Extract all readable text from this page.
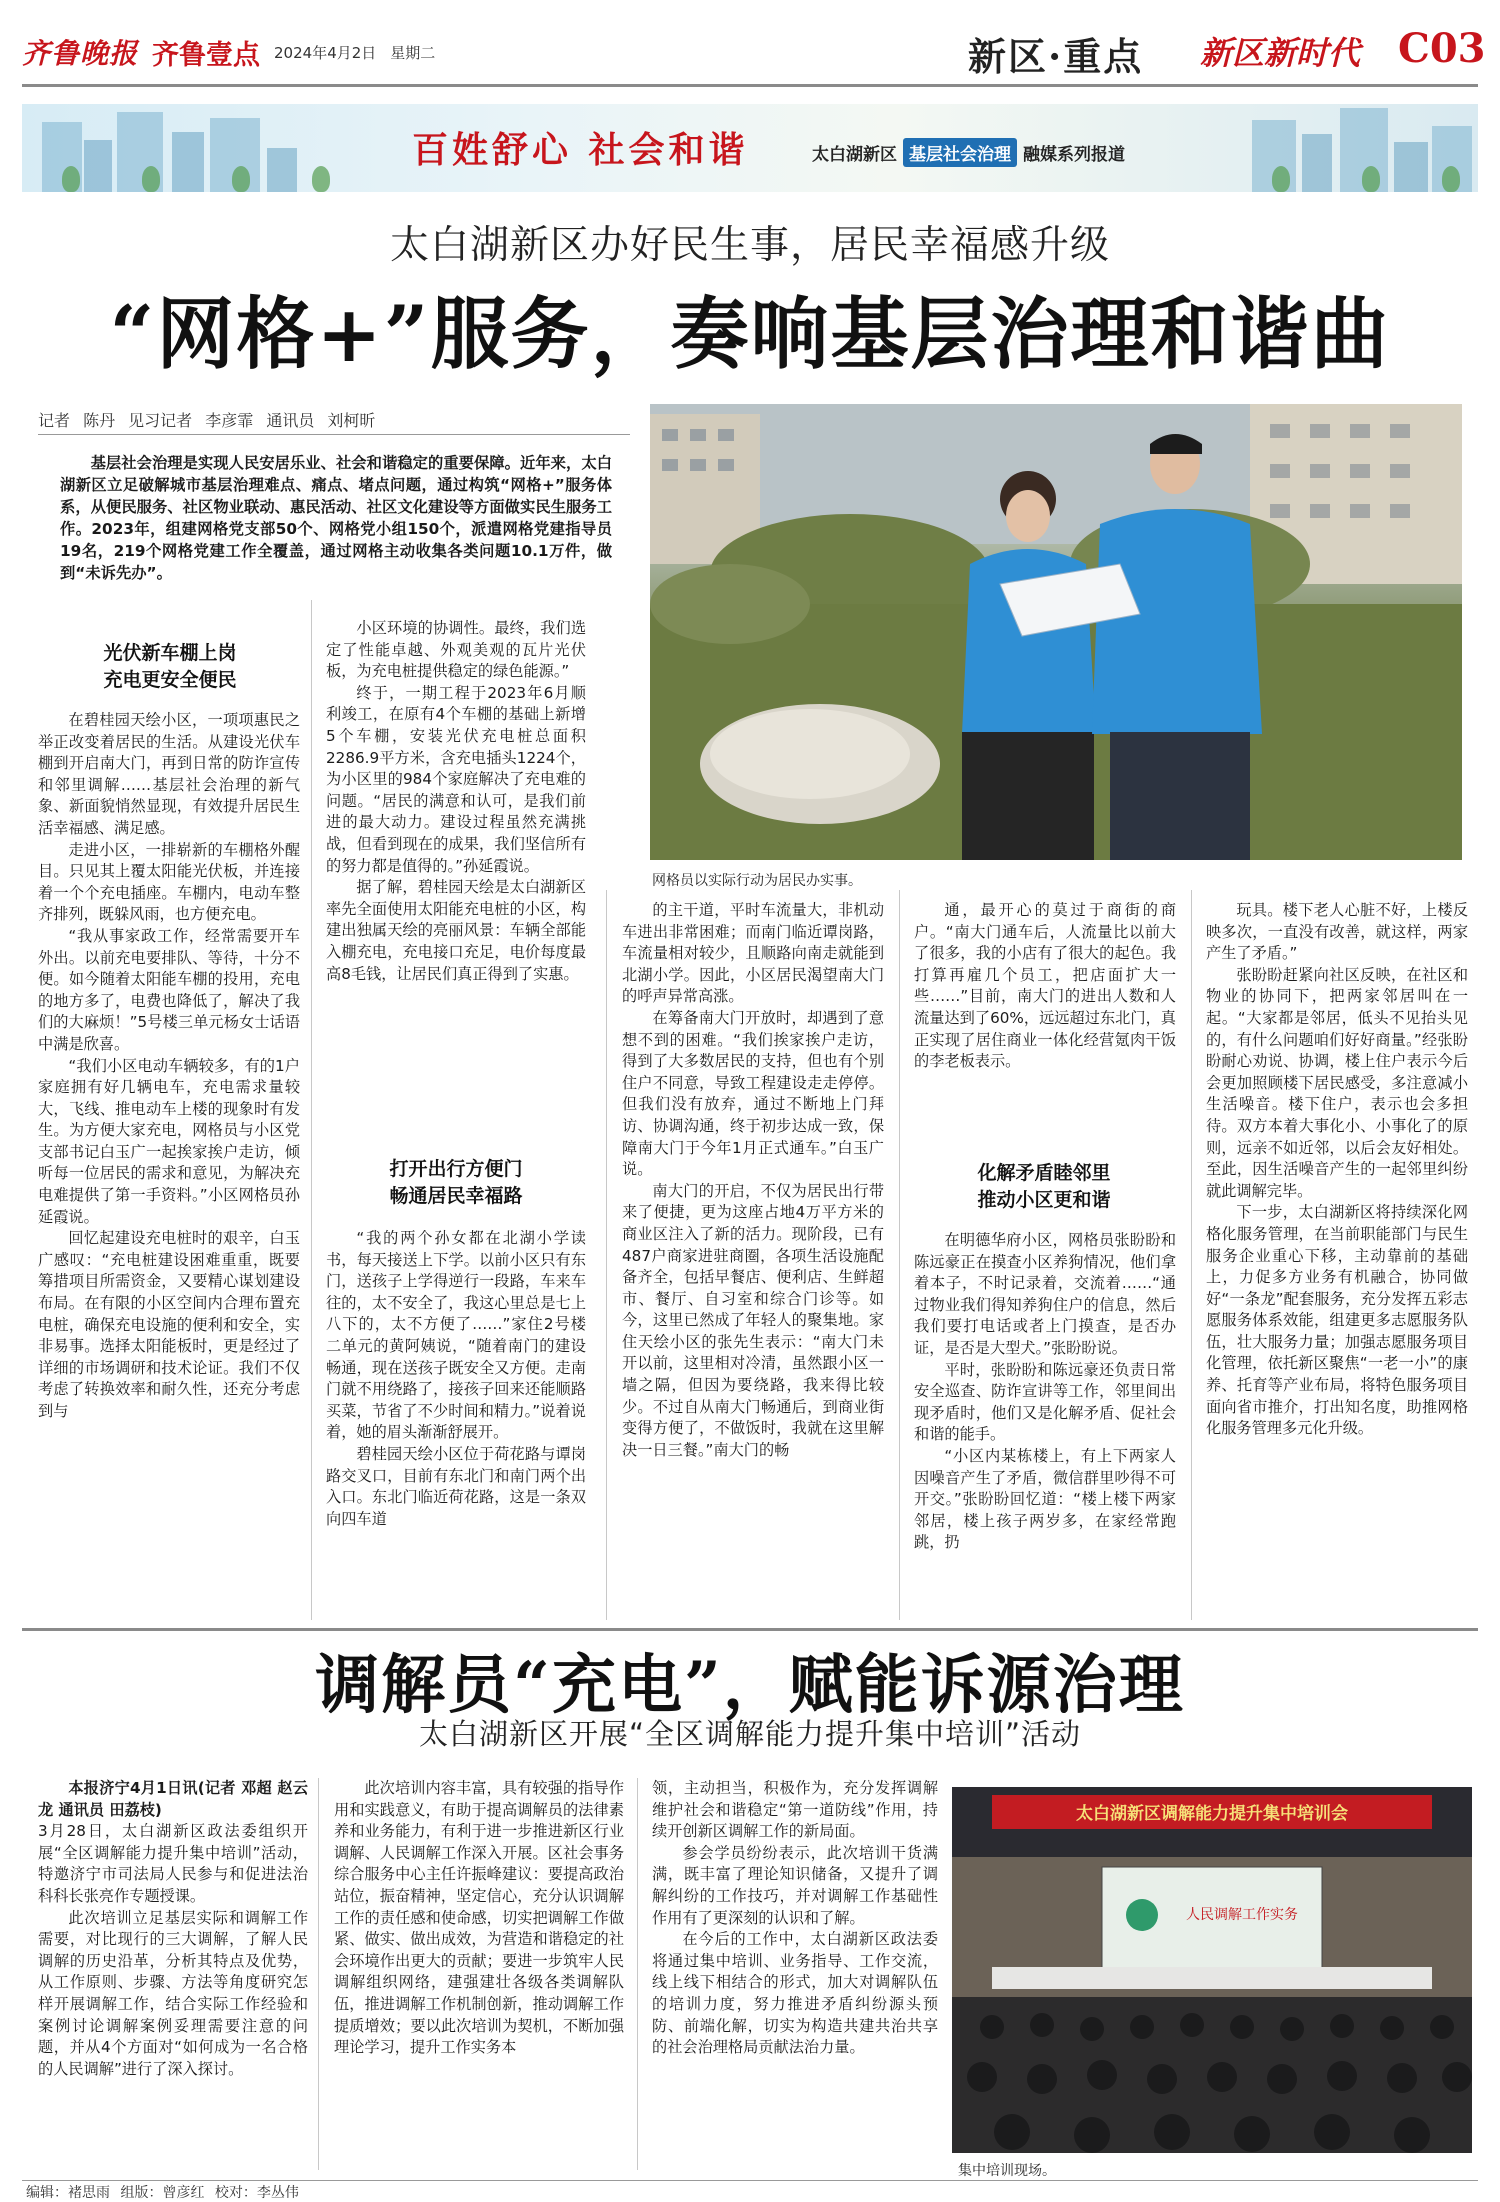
齐鲁晚报 齐鲁壹点 2024年4月2日 星期二	新区·重点 新区新时代 C03
百姓舒心 社会和谐	太白湖新区 基层社会治理 融媒系列报道
太白湖新区办好民生事，居民幸福感升级
“网格+”服务，奏响基层治理和谐曲
记者 陈丹 见习记者 李彦霏 通讯员 刘柯昕
基层社会治理是实现人民安居乐业、社会和谐稳定的重要保障。近年来，太白湖新区立足破解城市基层治理难点、痛点、堵点问题，通过构筑“网格+”服务体系，从便民服务、社区物业联动、惠民活动、社区文化建设等方面做实民生服务工作。2023年，组建网格党支部50个、网格党小组150个，派遣网格党建指导员19名，219个网格党建工作全覆盖，通过网格主动收集各类问题10.1万件，做到“未诉先办”。
网格员以实际行动为居民办实事。
光伏新车棚上岗
充电更安全便民

在碧桂园天绘小区，一项项惠民之举正改变着居民的生活。从建设光伏车棚到开启南大门，再到日常的防诈宣传和邻里调解……基层社会治理的新气象、新面貌悄然显现，有效提升居民生活幸福感、满足感。

走进小区，一排崭新的车棚格外醒目。只见其上覆太阳能光伏板，并连接着一个个充电插座。车棚内，电动车整齐排列，既躲风雨，也方便充电。

“我从事家政工作，经常需要开车外出。以前充电要排队、等待，十分不便。如今随着太阳能车棚的投用，充电的地方多了，电费也降低了，解决了我们的大麻烦！”5号楼三单元杨女士话语中满是欣喜。

“我们小区电动车辆较多，有的1户家庭拥有好几辆电车，充电需求量较大，飞线、推电动车上楼的现象时有发生。为方便大家充电，网格员与小区党支部书记白玉广一起挨家挨户走访，倾听每一位居民的需求和意见，为解决充电难提供了第一手资料。”小区网格员孙延霞说。

回忆起建设充电桩时的艰辛，白玉广感叹：“充电桩建设困难重重，既要筹措项目所需资金，又要精心谋划建设布局。在有限的小区空间内合理布置充电桩，确保充电设施的便利和安全，实非易事。选择太阳能板时，更是经过了详细的市场调研和技术论证。我们不仅考虑了转换效率和耐久性，还充分考虑到与

小区环境的协调性。最终，我们选定了性能卓越、外观美观的瓦片光伏板，为充电桩提供稳定的绿色能源。”

终于，一期工程于2023年6月顺利竣工，在原有4个车棚的基础上新增5个车棚，安装光伏充电桩总面积2286.9平方米，含充电插头1224个，为小区里的984个家庭解决了充电难的问题。“居民的满意和认可，是我们前进的最大动力。建设过程虽然充满挑战，但看到现在的成果，我们坚信所有的努力都是值得的。”孙延霞说。

据了解，碧桂园天绘是太白湖新区率先全面使用太阳能充电桩的小区，构建出独属天绘的亮丽风景：车辆全部能入棚充电，充电接口充足，电价每度最高8毛钱，让居民们真正得到了实惠。

打开出行方便门
畅通居民幸福路

“我的两个孙女都在北湖小学读书，每天接送上下学。以前小区只有东门，送孩子上学得逆行一段路，车来车往的，太不安全了，我这心里总是七上八下的，太不方便了……”家住2号楼二单元的黄阿姨说，“随着南门的建设畅通，现在送孩子既安全又方便。走南门就不用绕路了，接孩子回来还能顺路买菜，节省了不少时间和精力。”说着说着，她的眉头渐渐舒展开。

碧桂园天绘小区位于荷花路与谭岗路交叉口，目前有东北门和南门两个出入口。东北门临近荷花路，这是一条双向四车道

的主干道，平时车流量大，非机动车进出非常困难；而南门临近谭岗路，车流量相对较少，且顺路向南走就能到北湖小学。因此，小区居民渴望南大门的呼声异常高涨。

在筹备南大门开放时，却遇到了意想不到的困难。“我们挨家挨户走访，得到了大多数居民的支持，但也有个别住户不同意，导致工程建设走走停停。但我们没有放弃，通过不断地上门拜访、协调沟通，终于初步达成一致，保障南大门于今年1月正式通车。”白玉广说。

南大门的开启，不仅为居民出行带来了便捷，更为这座占地4万平方米的商业区注入了新的活力。现阶段，已有487户商家进驻商圈，各项生活设施配备齐全，包括早餐店、便利店、生鲜超市、餐厅、自习室和综合门诊等。如今，这里已然成了年轻人的聚集地。家住天绘小区的张先生表示：“南大门未开以前，这里相对冷清，虽然跟小区一墙之隔，但因为要绕路，我来得比较少。不过自从南大门畅通后，到商业街变得方便了，不做饭时，我就在这里解决一日三餐。”南大门的畅

通，最开心的莫过于商街的商户。“南大门通车后，人流量比以前大了很多，我的小店有了很大的起色。我打算再雇几个员工，把店面扩大一些……”目前，南大门的进出人数和人流量达到了60%，远远超过东北门，真正实现了居住商业一体化经营氪肉干饭的李老板表示。

化解矛盾睦邻里
推动小区更和谐

在明德华府小区，网格员张盼盼和陈远豪正在摸查小区养狗情况，他们拿着本子，不时记录着，交流着……“通过物业我们得知养狗住户的信息，然后我们要打电话或者上门摸查，是否办证，是否是大型犬。”张盼盼说。

平时，张盼盼和陈远豪还负责日常安全巡查、防诈宣讲等工作，邻里间出现矛盾时，他们又是化解矛盾、促社会和谐的能手。

“小区内某栋楼上，有上下两家人因噪音产生了矛盾，微信群里吵得不可开交。”张盼盼回忆道：“楼上楼下两家邻居，楼上孩子两岁多，在家经常跑跳，扔

玩具。楼下老人心脏不好，上楼反映多次，一直没有改善，就这样，两家产生了矛盾。”

张盼盼赶紧向社区反映，在社区和物业的协同下，把两家邻居叫在一起。“大家都是邻居，低头不见抬头见的，有什么问题咱们好好商量。”经张盼盼耐心劝说、协调，楼上住户表示今后会更加照顾楼下居民感受，多注意减小生活噪音。楼下住户，表示也会多担待。双方本着大事化小、小事化了的原则，远亲不如近邻，以后会友好相处。至此，因生活噪音产生的一起邻里纠纷就此调解完毕。

下一步，太白湖新区将持续深化网格化服务管理，在当前职能部门与民生服务企业重心下移，主动靠前的基础上，力促多方业务有机融合，协同做好“一条龙”配套服务，充分发挥五彩志愿服务体系效能，组建更多志愿服务队伍，壮大服务力量；加强志愿服务项目化管理，依托新区聚焦“一老一小”的康养、托育等产业布局，将特色服务项目面向省市推介，打出知名度，助推网格化服务管理多元化升级。

调解员“充电”，赋能诉源治理
太白湖新区开展“全区调解能力提升集中培训”活动

本报济宁4月1日讯(记者 邓超 赵云龙 通讯员 田荔枝)

3月28日，太白湖新区政法委组织开展“全区调解能力提升集中培训”活动，特邀济宁市司法局人民参与和促进法治科科长张亮作专题授课。

此次培训立足基层实际和调解工作需要，对比现行的三大调解，了解人民调解的历史沿革，分析其特点及优势，从工作原则、步骤、方法等角度研究怎样开展调解工作，结合实际工作经验和案例讨论调解案例妥理需要注意的问题，并从4个方面对“如何成为一名合格的人民调解”进行了深入探讨。

此次培训内容丰富，具有较强的指导作用和实践意义，有助于提高调解员的法律素养和业务能力，有利于进一步推进新区行业调解、人民调解工作深入开展。区社会事务综合服务中心主任许振峰建议：要提高政治站位，振奋精神，坚定信心，充分认识调解工作的责任感和使命感，切实把调解工作做紧、做实、做出成效，为营造和谐稳定的社会环境作出更大的贡献；要进一步筑牢人民调解组织网络，建强建壮各级各类调解队伍，推进调解工作机制创新，推动调解工作提质增效；要以此次培训为契机，不断加强理论学习，提升工作实务本

领，主动担当，积极作为，充分发挥调解维护社会和谐稳定“第一道防线”作用，持续开创新区调解工作的新局面。

参会学员纷纷表示，此次培训干货满满，既丰富了理论知识储备，又提升了调解纠纷的工作技巧，并对调解工作基础性作用有了更深刻的认识和了解。

在今后的工作中，太白湖新区政法委将通过集中培训、业务指导、工作交流，线上线下相结合的形式，加大对调解队伍的培训力度，努力推进矛盾纠纷源头预防、前端化解，切实为构造共建共治共享的社会治理格局贡献法治力量。

太白湖新区调解能力提升集中培训会
人民调解工作实务
集中培训现场。
编辑：褚思雨 组版：曾彦红 校对：李丛伟
